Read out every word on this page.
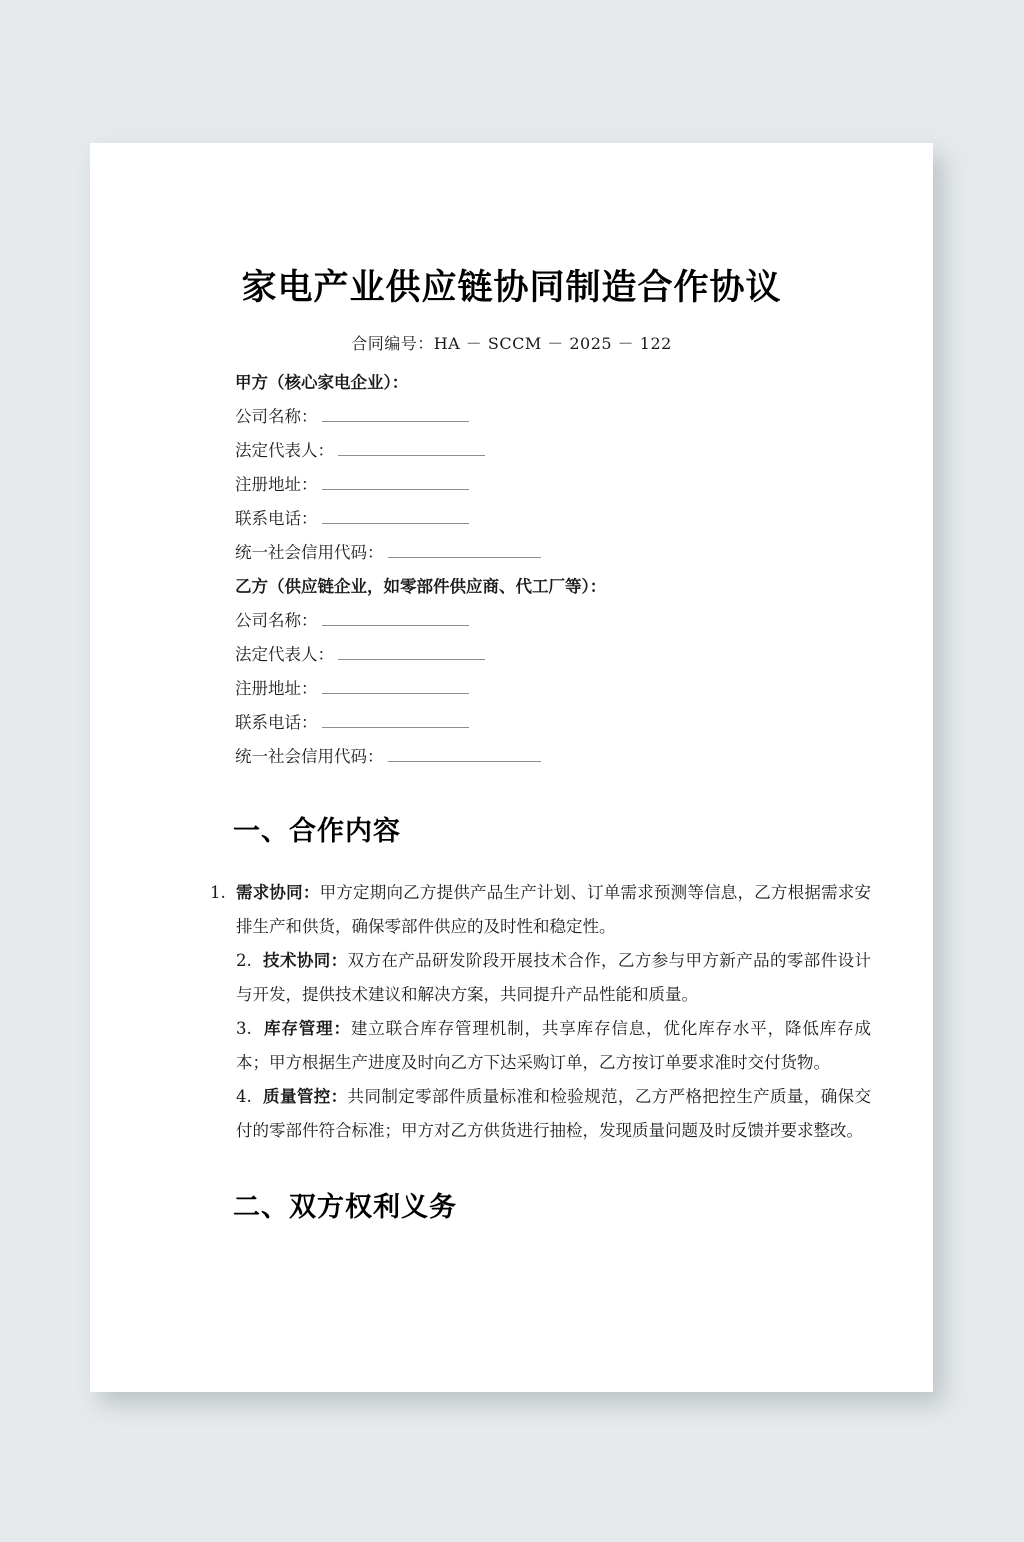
家电产业供应链协同制造合作协议

合同编号：HA － SCCM － 2025 － 122

甲方（核心家电企业）：
公司名称：
法定代表人：
注册地址：
联系电话：
统一社会信用代码：
乙方（供应链企业，如零部件供应商、代工厂等）：
公司名称：
法定代表人：
注册地址：
联系电话：
统一社会信用代码：
一、合作内容
1. 需求协同：甲方定期向乙方提供产品生产计划、订单需求预测等信息，乙方根据需求安排生产和供货，确保零部件供应的及时性和稳定性。
2. 技术协同：双方在产品研发阶段开展技术合作，乙方参与甲方新产品的零部件设计与开发，提供技术建议和解决方案，共同提升产品性能和质量。
3. 库存管理：建立联合库存管理机制，共享库存信息，优化库存水平，降低库存成本；甲方根据生产进度及时向乙方下达采购订单，乙方按订单要求准时交付货物。
4. 质量管控：共同制定零部件质量标准和检验规范，乙方严格把控生产质量，确保交付的零部件符合标准；甲方对乙方供货进行抽检，发现质量问题及时反馈并要求整改。
二、双方权利义务
